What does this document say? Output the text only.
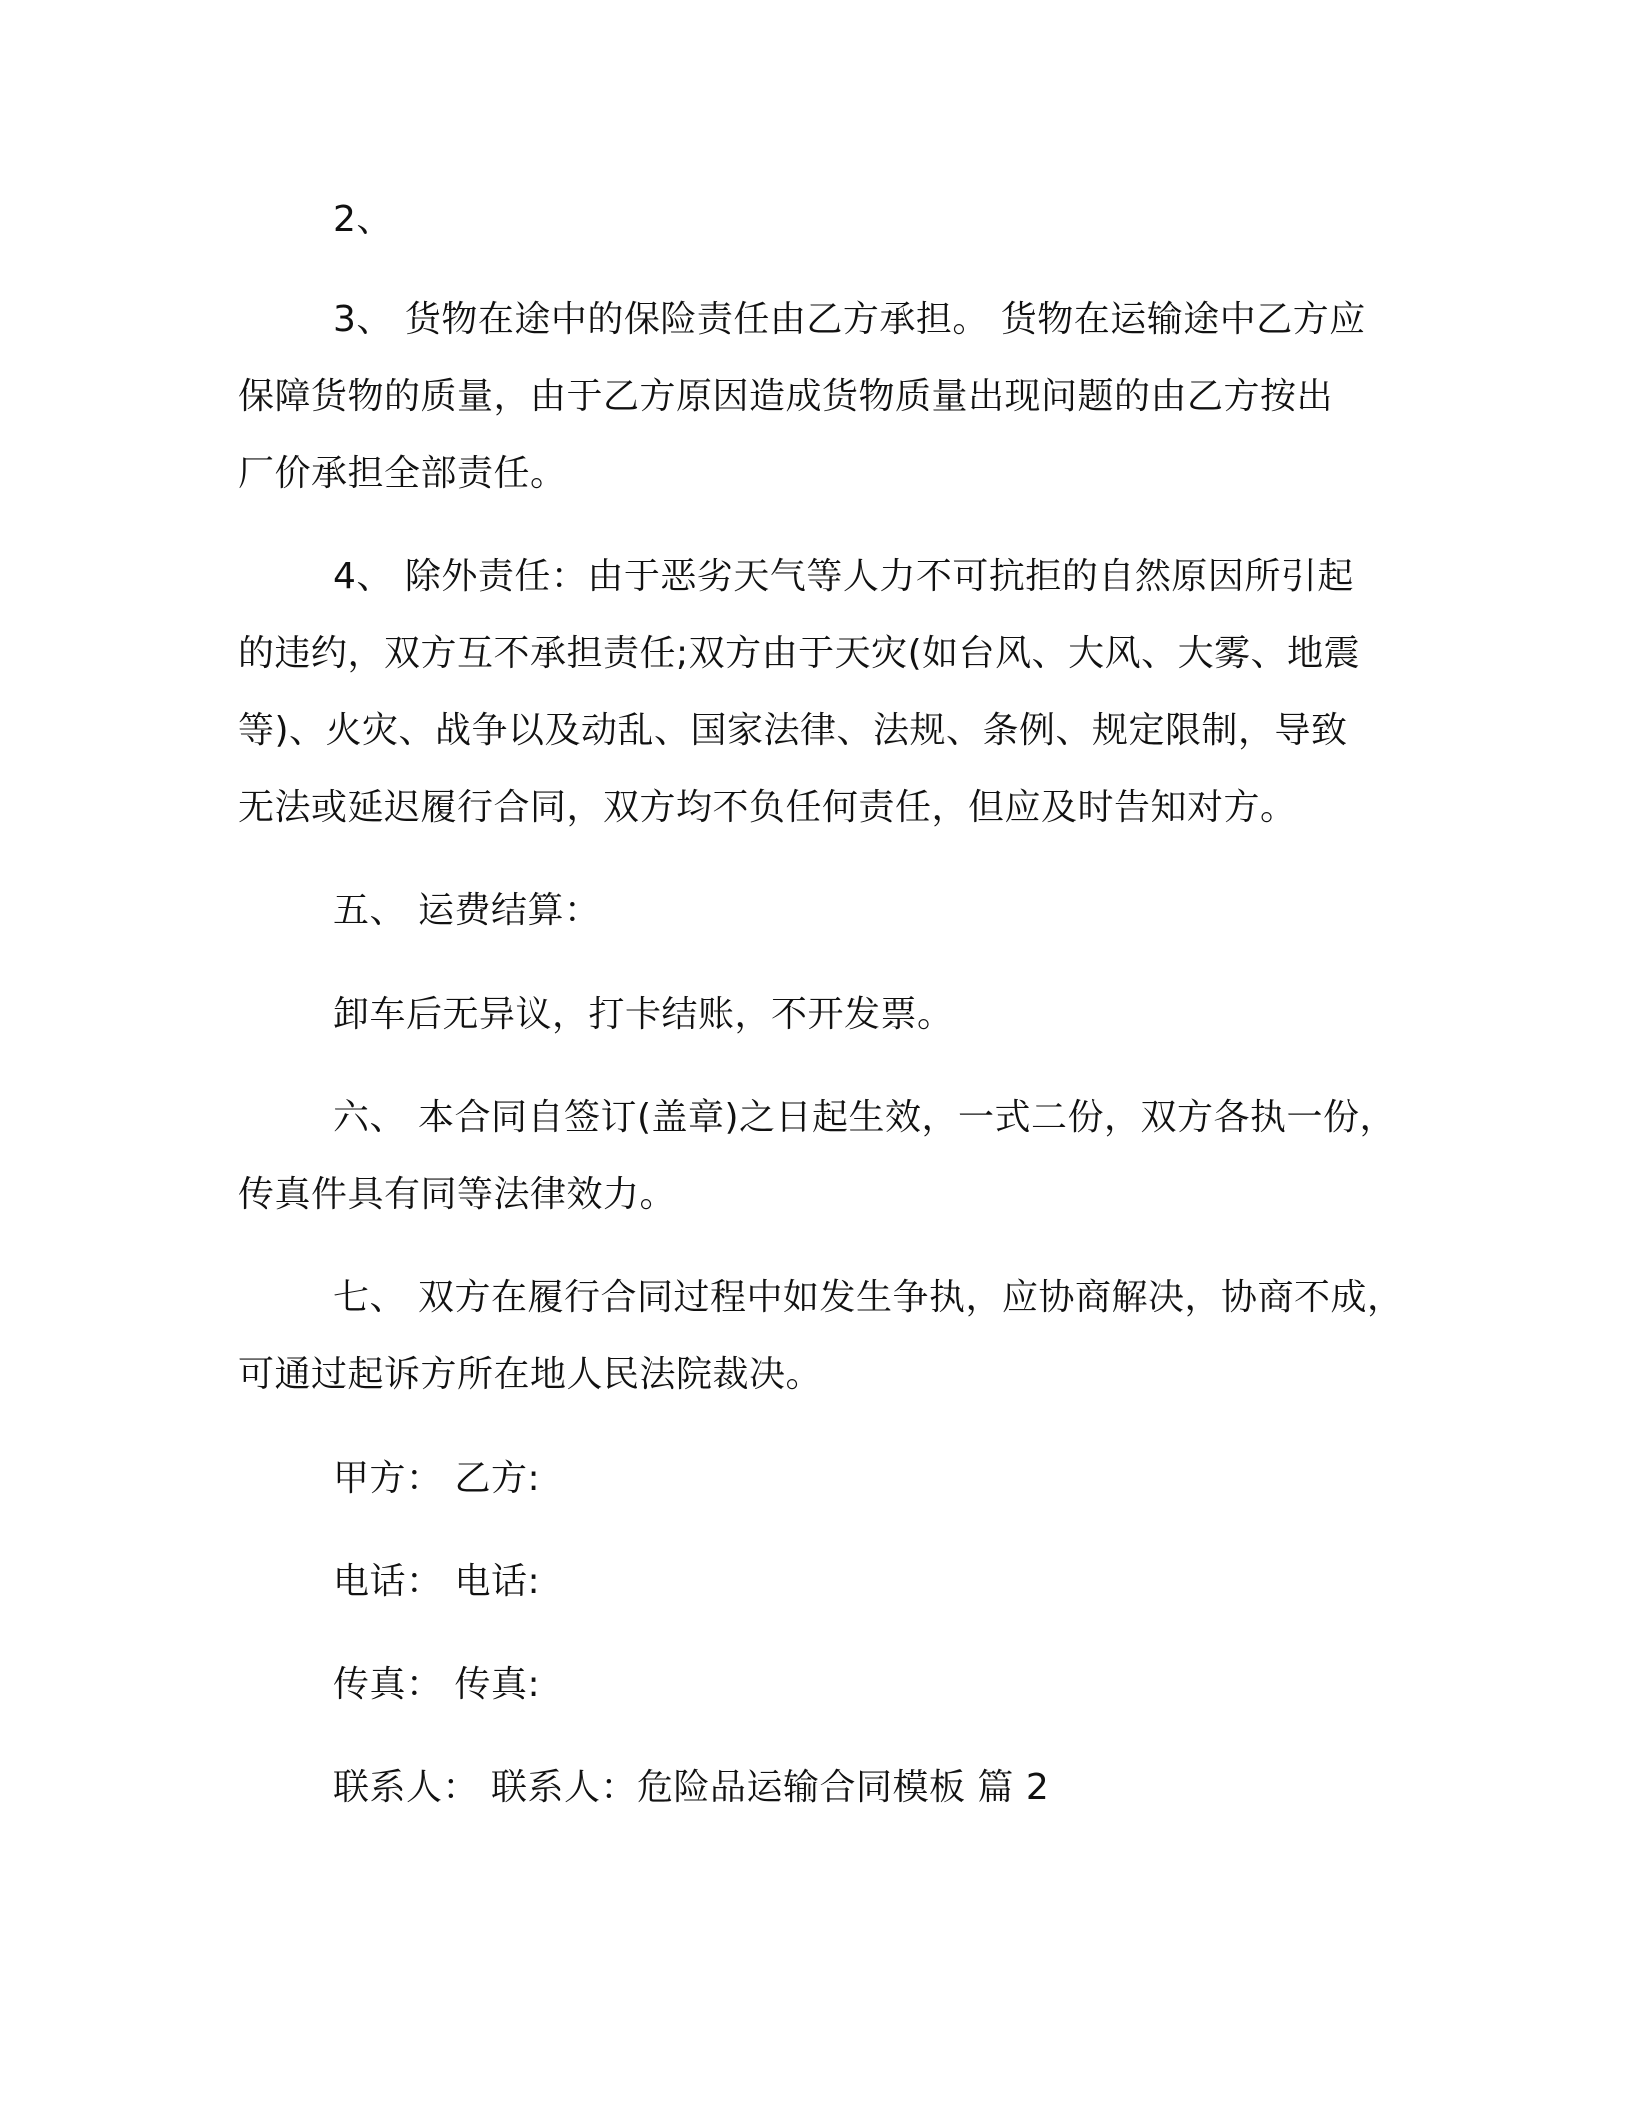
2、
3、 货物在途中的保险责任由乙方承担。 货物在运输途中乙方应
保障货物的质量，由于乙方原因造成货物质量出现问题的由乙方按出
厂价承担全部责任。
4、 除外责任：由于恶劣天气等人力不可抗拒的自然原因所引起
的违约，双方互不承担责任;双方由于天灾(如台风、大风、大雾、地震
等)、火灾、战争以及动乱、国家法律、法规、条例、规定限制，导致
无法或延迟履行合同，双方均不负任何责任，但应及时告知对方。
五、 运费结算：
卸车后无异议，打卡结账，不开发票。
六、 本合同自签订(盖章)之日起生效，一式二份，双方各执一份，
传真件具有同等法律效力。
七、 双方在履行合同过程中如发生争执，应协商解决，协商不成，
可通过起诉方所在地人民法院裁决。
甲方： 乙方:
电话： 电话:
传真： 传真:
联系人： 联系人：危险品运输合同模板 篇 2
